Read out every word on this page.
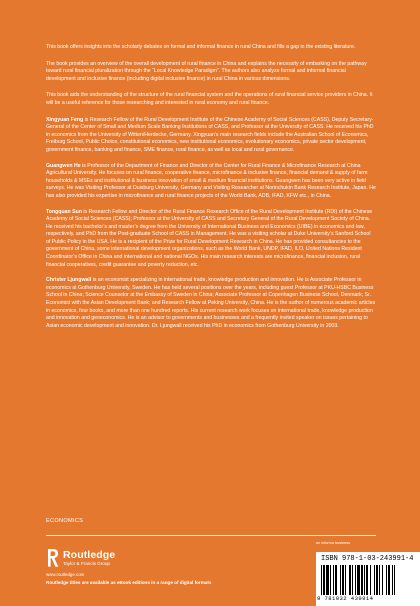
This book offers insights into the scholarly debates on formal and informal finance in rural China and fills a gap in the existing literature.

The book provides an overview of the overall development of rural finance in China and explains the necessity of embarking on the pathway toward rural financial pluralization through the “Local Knowledge Paradigm”. The authors also analyze formal and informal financial development and inclusive finance (including digital inclusive finance) in rural China in various dimensions.

This book aids the understanding of the structure of the rural financial system and the operations of rural financial service providers in China. It will be a useful reference for those researching and interested in rural economy and rural finance.

Xingyuan Feng is Research Fellow of the Rural Development Institute of the Chinese Academy of Social Sciences (CASS), Deputy Secretary-General of the Center of Small and Medium Scale Banking Institutions of CASS, and Professor at the University of CASS. He received his PhD in economics from the University of Witten/Herdecke, Germany. Xingyuan’s main research fields include the Australian School of Economics, Freiburg School, Public Choice, constitutional economics, new institutional economics, evolutionary economics, private sector development, government finance, banking and finance, SME finance, rural finance, as well as local and rural governance.

Guangwen He is Professor of the Department of Finance and Director of the Center for Rural Finance & Microfinance Research at China Agricultural University. He focuses on rural finance, cooperative finance, microfinance & inclusive finance, financial demand & supply of farm households & MSEs and institutional & business innovation of small & medium financial institutions. Guangwen has been very active in field surveys. He was Visiting Professor at Duisburg University, Germany and Visiting Researcher at Norinchukin Bank Research Institute, Japan. He has also provided his expertise in microfinance and rural finance projects of the World Bank, ADB, IFAD, KFW etc., in China.

Tongquan Sun is Research Fellow and Director of the Rural Finance Research Office of the Rural Development Institute (RDI) of the Chinese Academy of Social Sciences (CASS); Professor at the University of CASS and Secretary General of the Rural Development Society of China. He received his bachelor’s and master’s degree from the University of International Business and Economics (UIBE) in economics and law, respectively, and PhD from the Post-graduate School of CASS in Management. He was a visiting scholar at Duke University’s Sanford School of Public Policy in the USA. He is a recipient of the Prize for Rural Development Research in China. He has provided consultancies to the government of China, some international development organizations, such as the World Bank, UNDP, IFAD, ILO, United Nations Resident Coordinator’s Office in China and international and national NGOs. His main research interests are microfinance, financial inclusion, rural financial cooperatives, credit guarantee and poverty reduction, etc.

Christer Ljungwall is an economist specializing in international trade, knowledge production and innovation. He is Associate Professor in economics at Gothenburg University, Sweden. He has held several positions over the years, including guest Professor at PKU-HSBC Business School in China; Science Counselor at the Embassy of Sweden in China; Associate Professor at Copenhagen Business School, Denmark; Sr. Economist with the Asian Development Bank; and Research Fellow at Peking University, China. He is the author of numerous academic articles in economics, four books, and more than one hundred reports. His current research work focuses on international trade, knowledge production and innovation and geoeconomics. He is an advisor to governments and businesses and a frequently invited speaker on issues pertaining to Asian economic development and innovation. Dr. Ljungwall received his PhD in economics from Gothenburg University in 2003.

ECONOMICS
Routledge
Taylor & Francis Group
www.routledge.com
an informa business
ISBN 978-1-03-243991-4
9 781032 439914
Routledge titles are available as eBook editions in a range of digital formats
